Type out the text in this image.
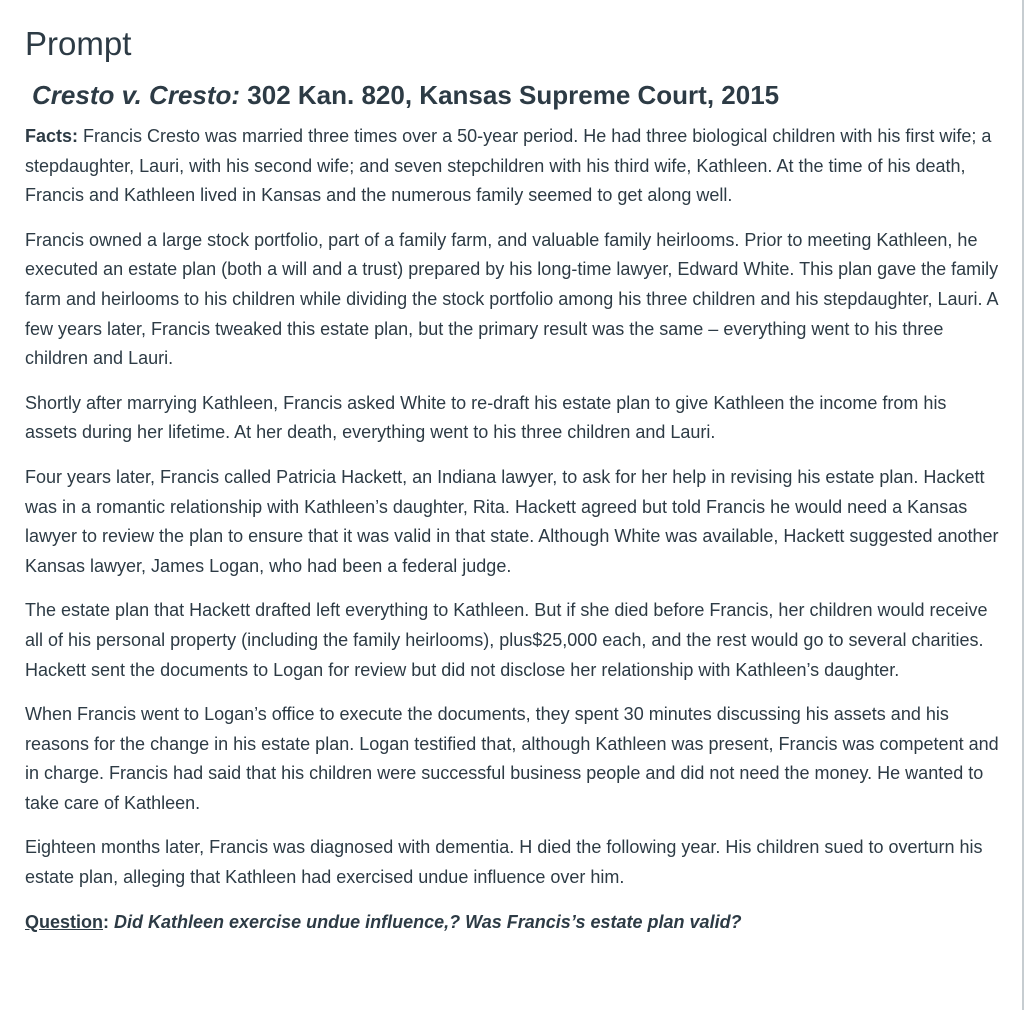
Prompt
Cresto v. Cresto: 302 Kan. 820, Kansas Supreme Court, 2015

Facts: Francis Cresto was married three times over a 50-year period. He had three biological children with his first wife; a stepdaughter, Lauri, with his second wife; and seven stepchildren with his third wife, Kathleen. At the time of his death, Francis and Kathleen lived in Kansas and the numerous family seemed to get along well.

Francis owned a large stock portfolio, part of a family farm, and valuable family heirlooms. Prior to meeting Kathleen, he executed an estate plan (both a will and a trust) prepared by his long-time lawyer, Edward White. This plan gave the family farm and heirlooms to his children while dividing the stock portfolio among his three children and his stepdaughter, Lauri. A few years later, Francis tweaked this estate plan, but the primary result was the same – everything went to his three children and Lauri.

Shortly after marrying Kathleen, Francis asked White to re-draft his estate plan to give Kathleen the income from his assets during her lifetime. At her death, everything went to his three children and Lauri.

Four years later, Francis called Patricia Hackett, an Indiana lawyer, to ask for her help in revising his estate plan. Hackett was in a romantic relationship with Kathleen’s daughter, Rita. Hackett agreed but told Francis he would need a Kansas lawyer to review the plan to ensure that it was valid in that state. Although White was available, Hackett suggested another Kansas lawyer, James Logan, who had been a federal judge.

The estate plan that Hackett drafted left everything to Kathleen. But if she died before Francis, her children would receive all of his personal property (including the family heirlooms), plus$25,000 each, and the rest would go to several charities. Hackett sent the documents to Logan for review but did not disclose her relationship with Kathleen’s daughter.

When Francis went to Logan’s office to execute the documents, they spent 30 minutes discussing his assets and his reasons for the change in his estate plan. Logan testified that, although Kathleen was present, Francis was competent and in charge. Francis had said that his children were successful business people and did not need the money. He wanted to take care of Kathleen.

Eighteen months later, Francis was diagnosed with dementia. H died the following year. His children sued to overturn his estate plan, alleging that Kathleen had exercised undue influence over him.

Question: Did Kathleen exercise undue influence,? Was Francis’s estate plan valid?
